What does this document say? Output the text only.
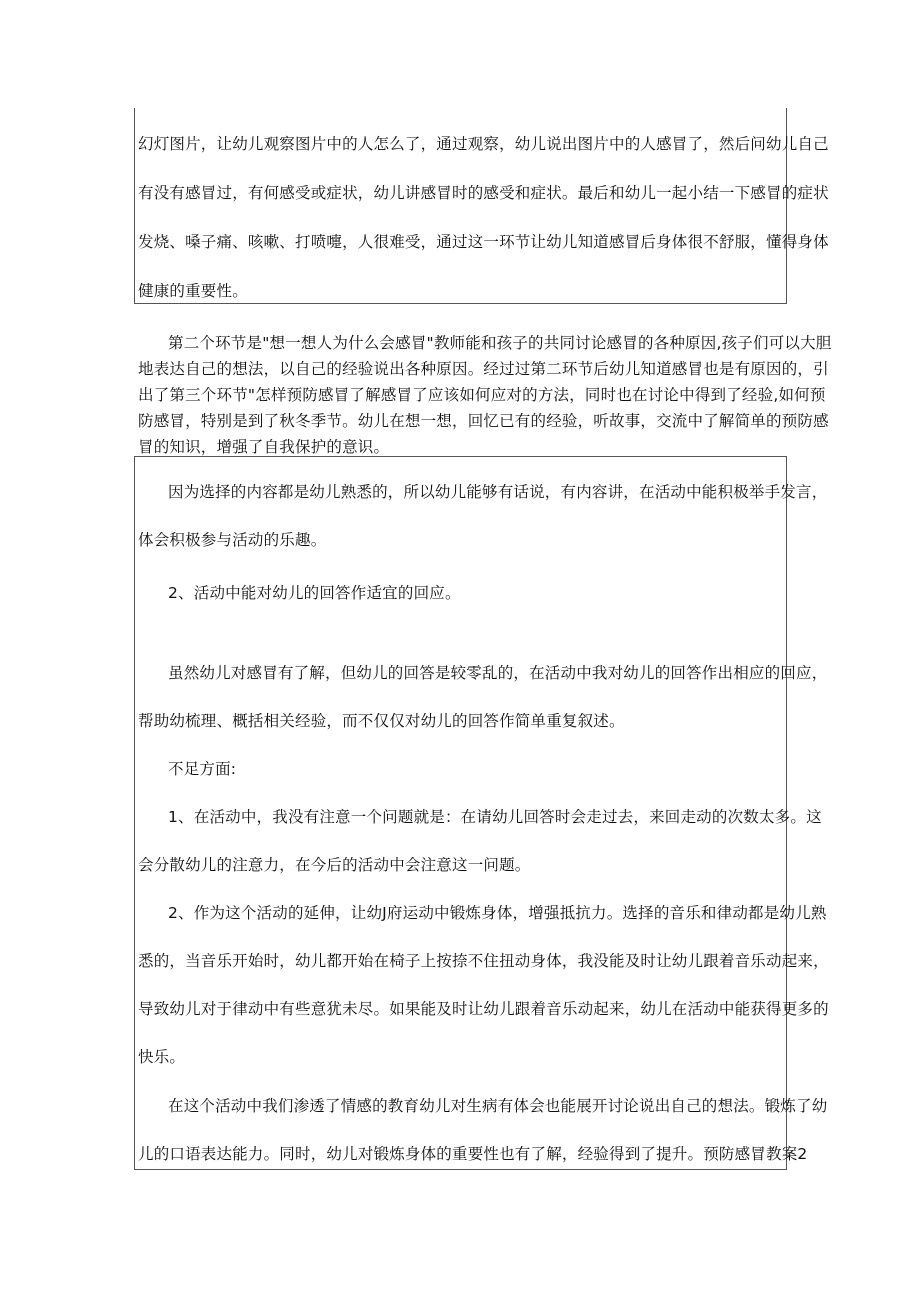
幻灯图片，让幼儿观察图片中的人怎么了，通过观察，幼儿说出图片中的人感冒了，然后问幼儿自己
有没有感冒过，有何感受或症状，幼儿讲感冒时的感受和症状。最后和幼儿一起小结一下感冒的症状
发烧、嗓子痛、咳嗽、打喷嚏，人很难受，通过这一环节让幼儿知道感冒后身体很不舒服，懂得身体
健康的重要性。
第二个环节是"想一想人为什么会感冒"教师能和孩子的共同讨论感冒的各种原因,孩子们可以大胆
地表达自己的想法，以自己的经验说出各种原因。经过过第二环节后幼儿知道感冒也是有原因的，引
出了第三个环节"怎样预防感冒了解感冒了应该如何应对的方法，同时也在讨论中得到了经验,如何预
防感冒，特别是到了秋冬季节。幼儿在想一想，回忆已有的经验，听故事，交流中了解简单的预防感
冒的知识，增强了自我保护的意识。
因为选择的内容都是幼儿熟悉的，所以幼儿能够有话说，有内容讲，在活动中能积极举手发言，
体会积极参与活动的乐趣。
2、活动中能对幼儿的回答作适宜的回应。
虽然幼儿对感冒有了解，但幼儿的回答是较零乱的，在活动中我对幼儿的回答作出相应的回应，
帮助幼梳理、概括相关经验，而不仅仅对幼儿的回答作简单重复叙述。
不足方面:
1、在活动中，我没有注意一个问题就是：在请幼儿回答时会走过去，来回走动的次数太多。这
会分散幼儿的注意力，在今后的活动中会注意这一问题。
2、作为这个活动的延伸，让幼J府运动中锻炼身体，增强抵抗力。选择的音乐和律动都是幼儿熟
悉的，当音乐开始时，幼儿都开始在椅子上按捺不住扭动身体，我没能及时让幼儿跟着音乐动起来，
导致幼儿对于律动中有些意犹未尽。如果能及时让幼儿跟着音乐动起来，幼儿在活动中能获得更多的
快乐。
在这个活动中我们渗透了情感的教育幼儿对生病有体会也能展开讨论说出自己的想法。锻炼了幼
儿的口语表达能力。同时，幼儿对锻炼身体的重要性也有了解，经验得到了提升。预防感冒教案2
